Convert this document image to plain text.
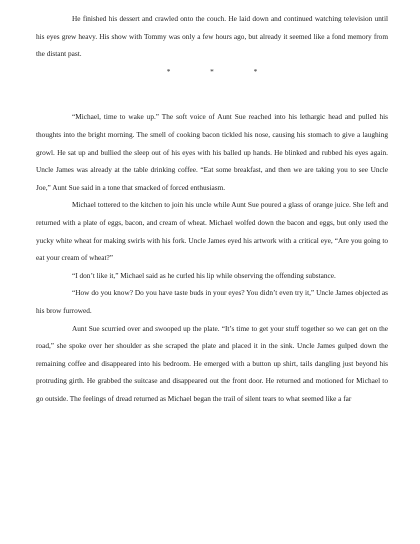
He finished his dessert and crawled onto the couch. He laid down and continued watching television until his eyes grew heavy. His show with Tommy was only a few hours ago, but already it seemed like a fond memory from the distant past.

* * *

“Michael, time to wake up.” The soft voice of Aunt Sue reached into his lethargic head and pulled his thoughts into the bright morning. The smell of cooking bacon tickled his nose, causing his stomach to give a laughing growl. He sat up and bullied the sleep out of his eyes with his balled up hands. He blinked and rubbed his eyes again. Uncle James was already at the table drinking coffee. “Eat some breakfast, and then we are taking you to see Uncle Joe,” Aunt Sue said in a tone that smacked of forced enthusiasm.

Michael tottered to the kitchen to join his uncle while Aunt Sue poured a glass of orange juice. She left and returned with a plate of eggs, bacon, and cream of wheat. Michael wolfed down the bacon and eggs, but only used the yucky white wheat for making swirls with his fork. Uncle James eyed his artwork with a critical eye, “Are you going to eat your cream of wheat?”

“I don’t like it,” Michael said as he curled his lip while observing the offending substance.

“How do you know? Do you have taste buds in your eyes? You didn’t even try it,” Uncle James objected as his brow furrowed.

Aunt Sue scurried over and swooped up the plate. “It’s time to get your stuff together so we can get on the road,” she spoke over her shoulder as she scraped the plate and placed it in the sink. Uncle James gulped down the remaining coffee and disappeared into his bedroom. He emerged with a button up shirt, tails dangling just beyond his protruding girth. He grabbed the suitcase and disappeared out the front door. He returned and motioned for Michael to go outside. The feelings of dread returned as Michael began the trail of silent tears to what seemed like a far
